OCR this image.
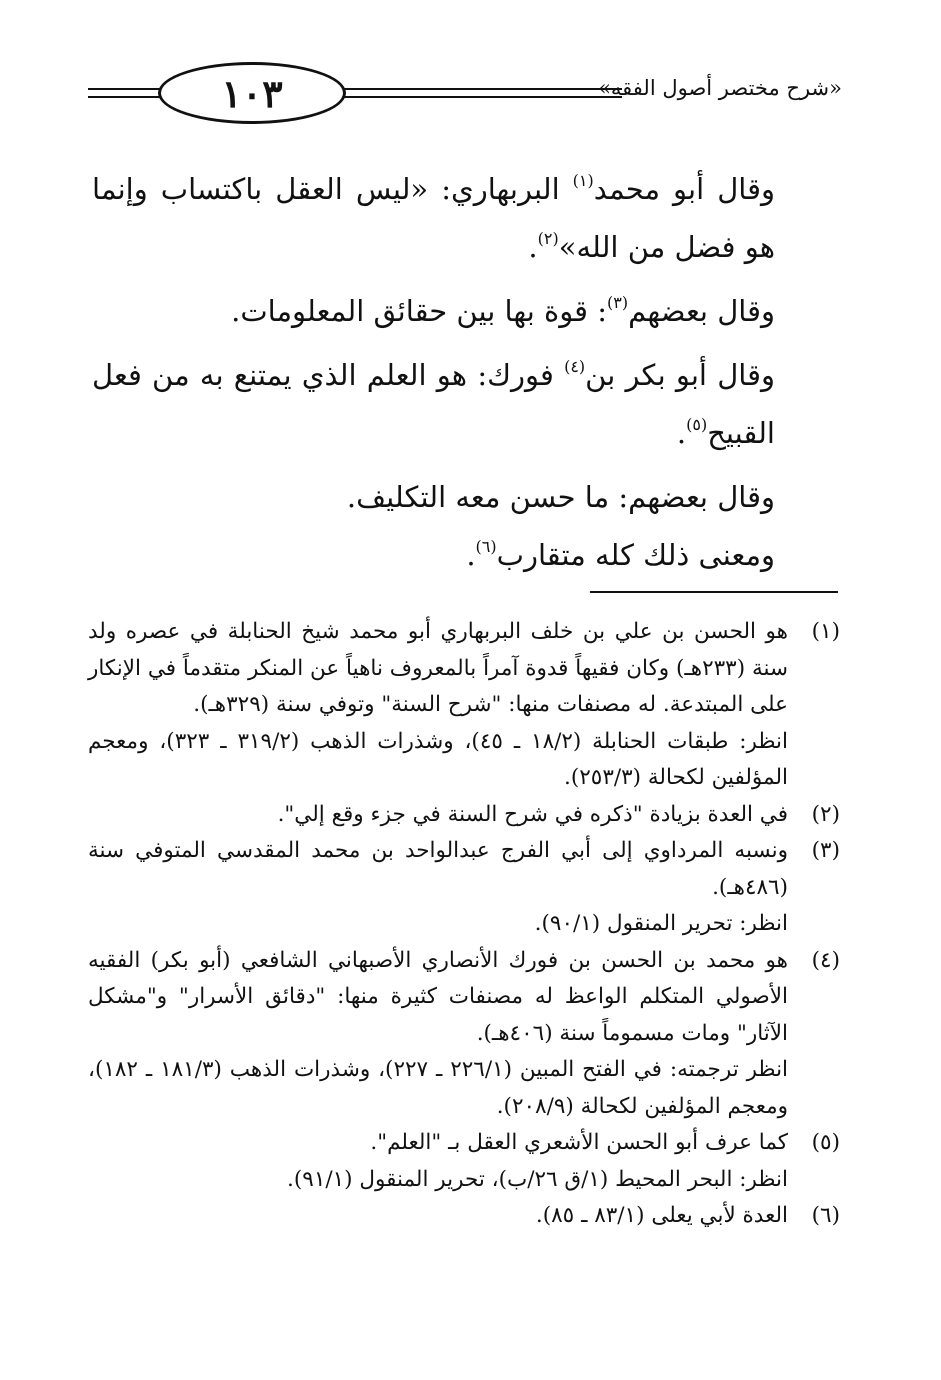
١٠٣	«شرح مختصر أصول الفقه»

وقال أبو محمد$^{(١)}$ البربهاري: «ليس العقل باكتساب وإنما هو فضل من الله»$^{(٢)}$.

وقال بعضهم$^{(٣)}$: قوة بها بين حقائق المعلومات.

وقال أبو بكر بن$^{(٤)}$ فورك: هو العلم الذي يمتنع به من فعل القبيح$^{(٥)}$.

وقال بعضهم: ما حسن معه التكليف.

ومعنى ذلك كله متقارب$^{(٦)}$.

(١)
هو الحسن بن علي بن خلف البربهاري أبو محمد شيخ الحنابلة في عصره ولد سنة (٢٣٣هـ) وكان فقيهاً قدوة آمراً بالمعروف ناهياً عن المنكر متقدماً في الإنكار على المبتدعة. له مصنفات منها: "شرح السنة" وتوفي سنة (٣٢٩هـ).
انظر: طبقات الحنابلة (١٨/٢ ـ ٤٥)، وشذرات الذهب (٣١٩/٢ ـ ٣٢٣)، ومعجم المؤلفين لكحالة (٢٥٣/٣).
(٢)
في العدة بزيادة "ذكره في شرح السنة في جزء وقع إلي".
(٣)
ونسبه المرداوي إلى أبي الفرج عبدالواحد بن محمد المقدسي المتوفي سنة (٤٨٦هـ).
انظر: تحرير المنقول (٩٠/١).
(٤)
هو محمد بن الحسن بن فورك الأنصاري الأصبهاني الشافعي (أبو بكر) الفقيه الأصولي المتكلم الواعظ له مصنفات كثيرة منها: "دقائق الأسرار" و"مشكل الآثار" ومات مسموماً سنة (٤٠٦هـ).
انظر ترجمته: في الفتح المبين (٢٢٦/١ ـ ٢٢٧)، وشذرات الذهب (١٨١/٣ ـ ١٨٢)، ومعجم المؤلفين لكحالة (٢٠٨/٩).
(٥)
كما عرف أبو الحسن الأشعري العقل بـ "العلم".
انظر: البحر المحيط (١/ق ٢٦/ب)، تحرير المنقول (٩١/١).
(٦)
العدة لأبي يعلى (٨٣/١ ـ ٨٥).
